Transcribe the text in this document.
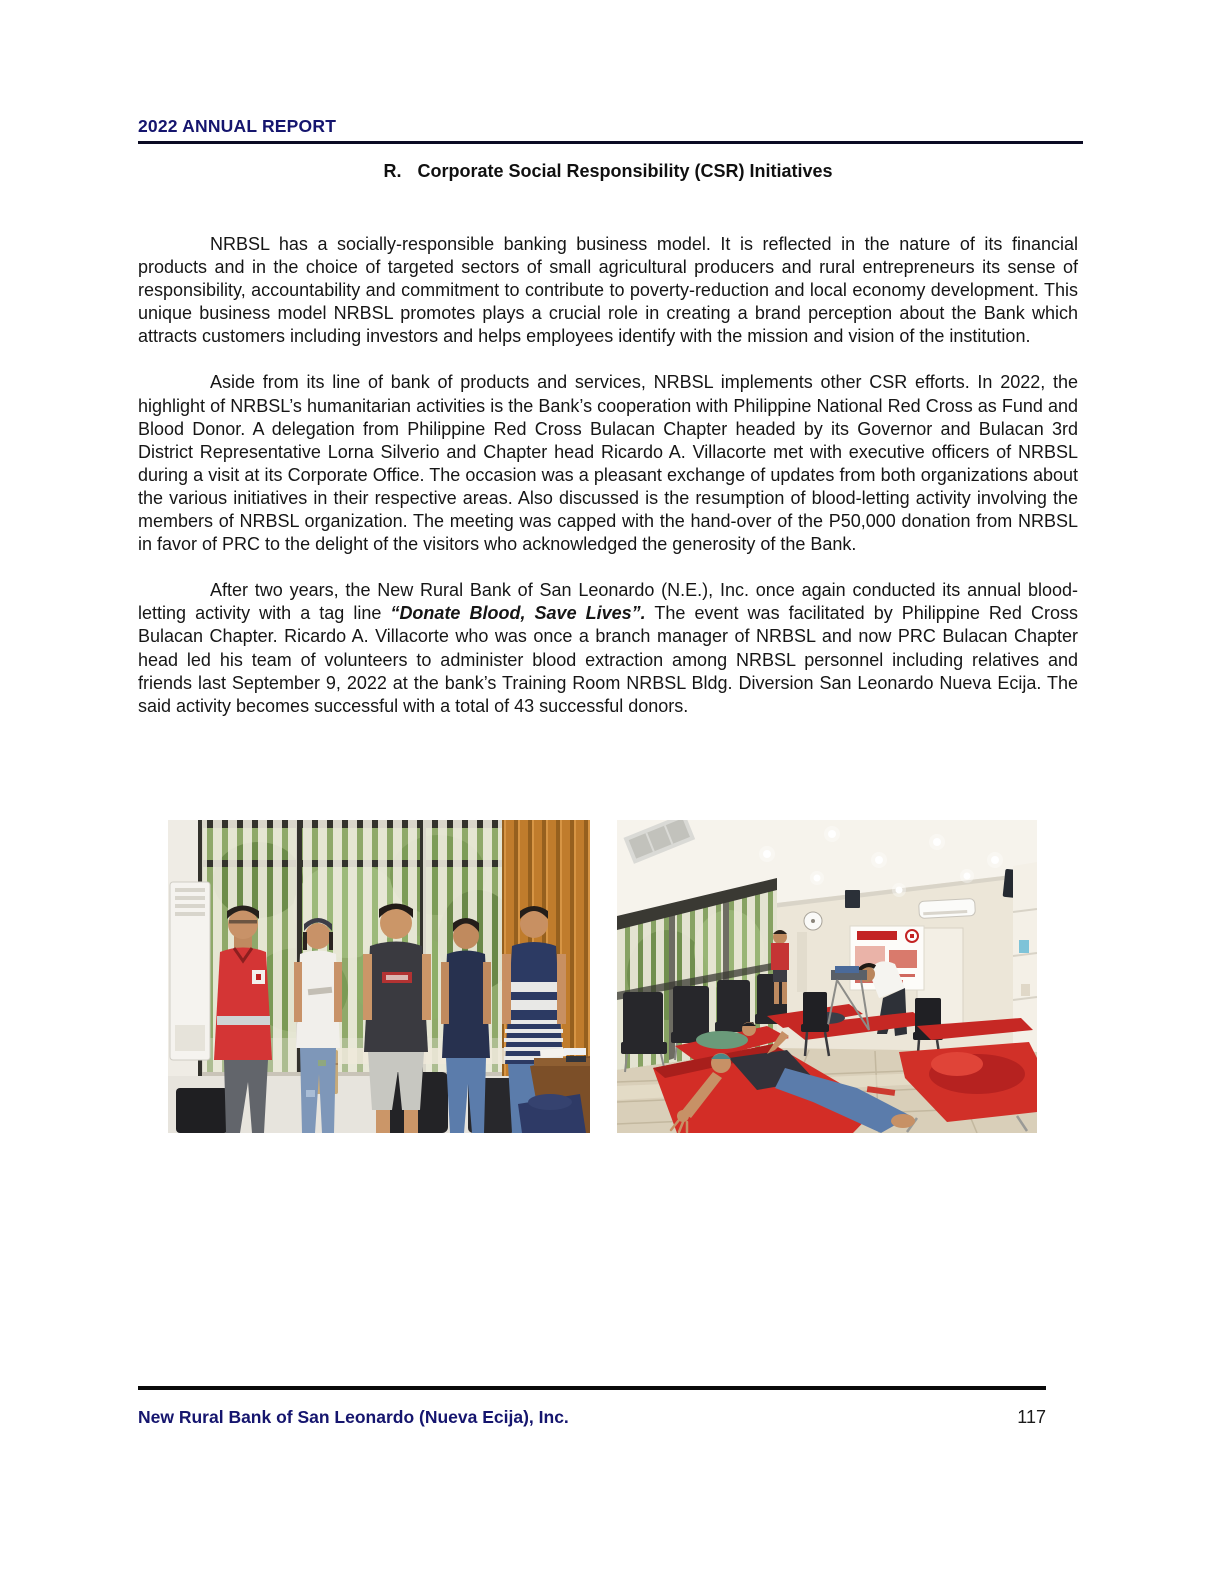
2022 ANNUAL REPORT
R. Corporate Social Responsibility (CSR) Initiatives

NRBSL has a socially-responsible banking business model. It is reflected in the nature of its financial products and in the choice of targeted sectors of small agricultural producers and rural entrepreneurs its sense of responsibility, accountability and commitment to contribute to poverty-reduction and local economy development. This unique business model NRBSL promotes plays a crucial role in creating a brand perception about the Bank which attracts customers including investors and helps employees identify with the mission and vision of the institution.

Aside from its line of bank of products and services, NRBSL implements other CSR efforts. In 2022, the highlight of NRBSL’s humanitarian activities is the Bank’s cooperation with Philippine National Red Cross as Fund and Blood Donor. A delegation from Philippine Red Cross Bulacan Chapter headed by its Governor and Bulacan 3rd District Representative Lorna Silverio and Chapter head Ricardo A. Villacorte met with executive officers of NRBSL during a visit at its Corporate Office. The occasion was a pleasant exchange of updates from both organizations about the various initiatives in their respective areas. Also discussed is the resumption of blood-letting activity involving the members of NRBSL organization. The meeting was capped with the hand-over of the P50,000 donation from NRBSL in favor of PRC to the delight of the visitors who acknowledged the generosity of the Bank.

After two years, the New Rural Bank of San Leonardo (N.E.), Inc. once again conducted its annual blood-letting activity with a tag line “Donate Blood, Save Lives”. The event was facilitated by Philippine Red Cross Bulacan Chapter. Ricardo A. Villacorte who was once a branch manager of NRBSL and now PRC Bulacan Chapter head led his team of volunteers to administer blood extraction among NRBSL personnel including relatives and friends last September 9, 2022 at the bank’s Training Room NRBSL Bldg. Diversion San Leonardo Nueva Ecija. The said activity becomes successful with a total of 43 successful donors.

New Rural Bank of San Leonardo (Nueva Ecija), Inc.	117
